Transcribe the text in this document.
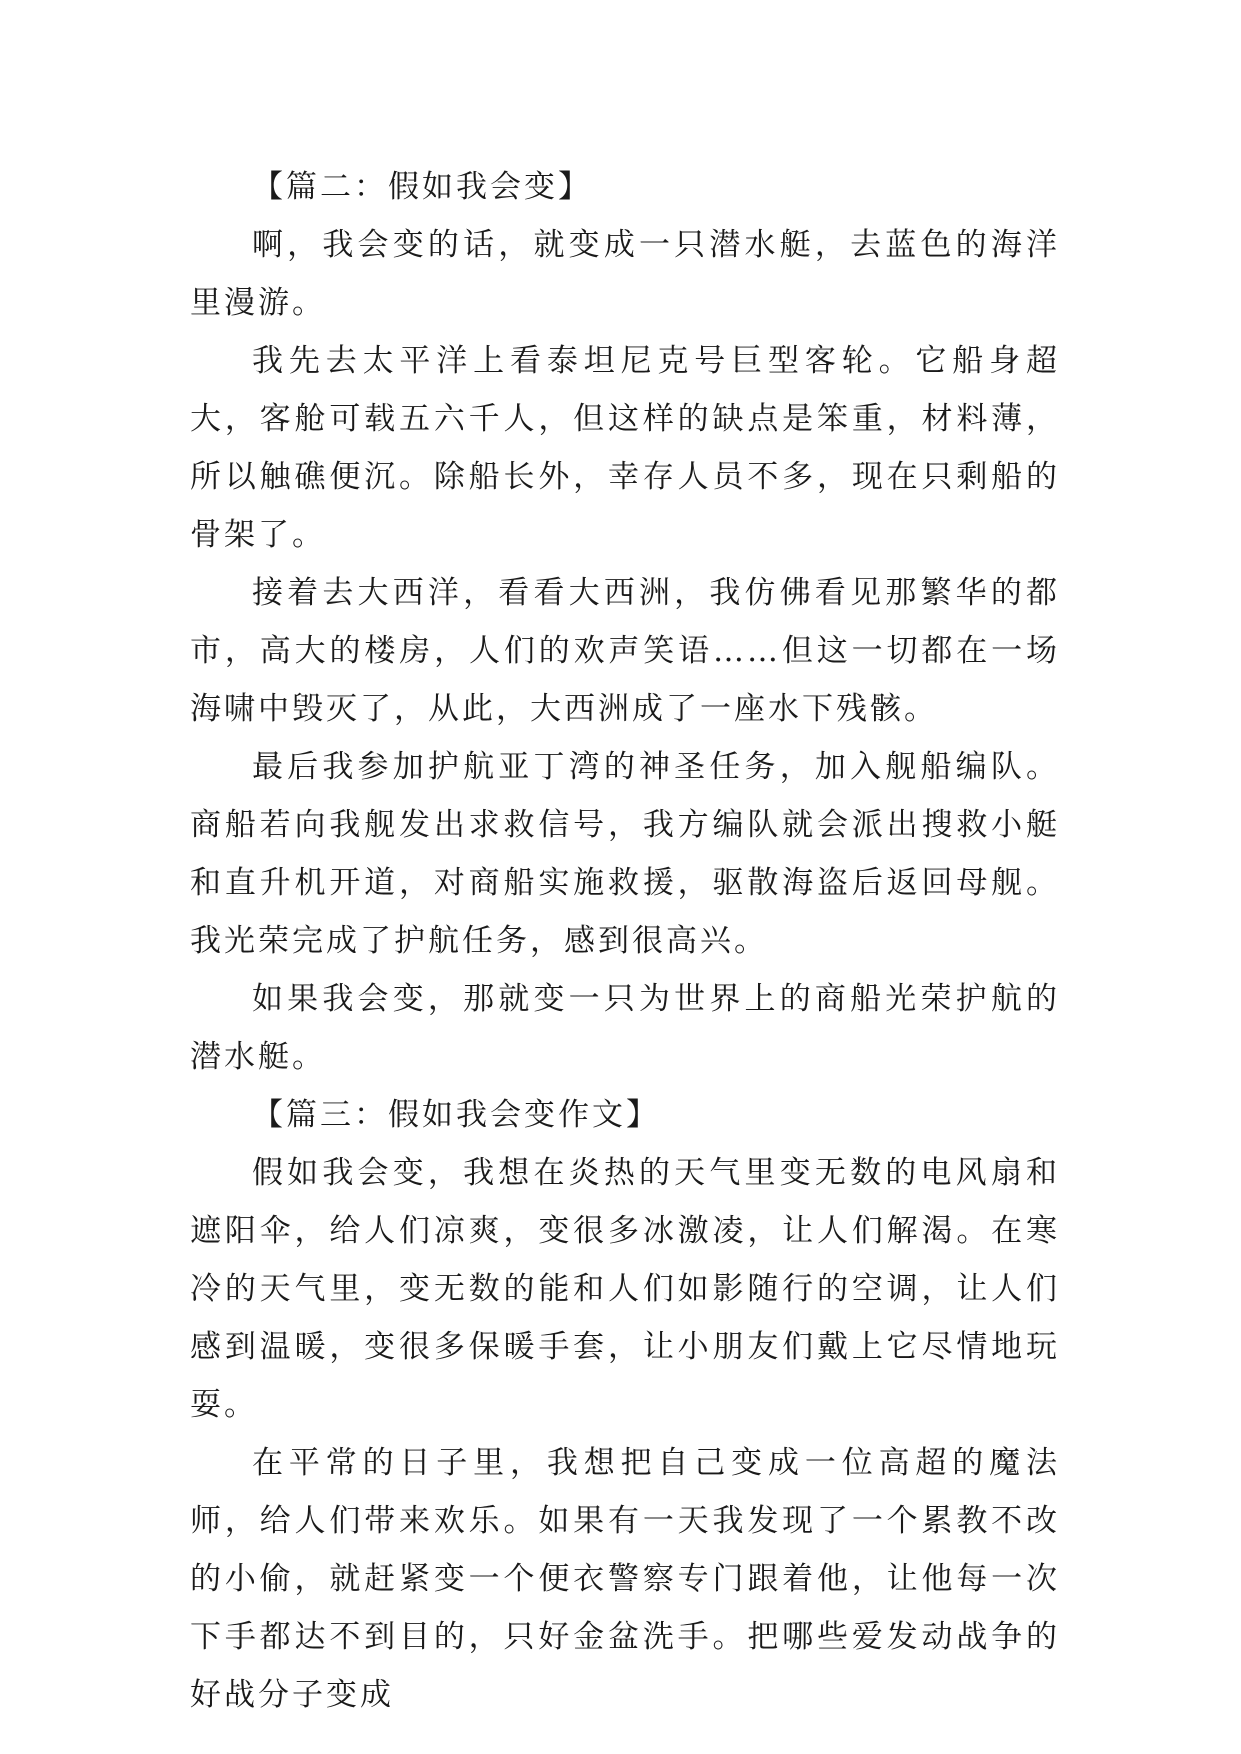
【篇二：假如我会变】

啊，我会变的话，就变成一只潜水艇，去蓝色的海洋里漫游。

我先去太平洋上看泰坦尼克号巨型客轮。它船身超大，客舱可载五六千人，但这样的缺点是笨重，材料薄，所以触礁便沉。除船长外，幸存人员不多，现在只剩船的骨架了。

接着去大西洋，看看大西洲，我仿佛看见那繁华的都市，高大的楼房，人们的欢声笑语……但这一切都在一场海啸中毁灭了，从此，大西洲成了一座水下残骸。

最后我参加护航亚丁湾的神圣任务，加入舰船编队。商船若向我舰发出求救信号，我方编队就会派出搜救小艇和直升机开道，对商船实施救援，驱散海盗后返回母舰。我光荣完成了护航任务，感到很高兴。

如果我会变，那就变一只为世界上的商船光荣护航的潜水艇。

【篇三：假如我会变作文】

假如我会变，我想在炎热的天气里变无数的电风扇和遮阳伞，给人们凉爽，变很多冰激凌，让人们解渴。在寒冷的天气里，变无数的能和人们如影随行的空调，让人们感到温暖，变很多保暖手套，让小朋友们戴上它尽情地玩耍。

在平常的日子里，我想把自己变成一位高超的魔法师，给人们带来欢乐。如果有一天我发现了一个累教不改的小偷，就赶紧变一个便衣警察专门跟着他，让他每一次下手都达不到目的，只好金盆洗手。把哪些爱发动战争的好战分子变成
